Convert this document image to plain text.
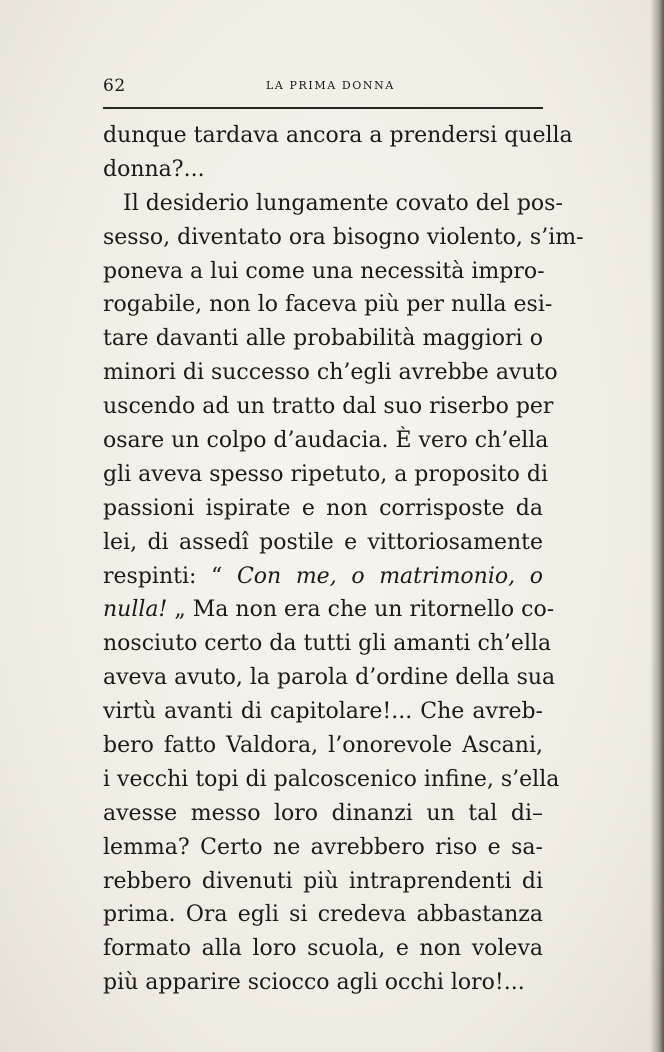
62	LA PRIMA DONNA
dunque tardava ancora a prendersi quella
donna?...
Il desiderio lungamente covato del pos-
sesso, diventato ora bisogno violento, s’im-
poneva a lui come una necessità impro-
rogabile, non lo faceva più per nulla esi-
tare davanti alle probabilità maggiori o
minori di successo ch’egli avrebbe avuto
uscendo ad un tratto dal suo riserbo per
osare un colpo d’audacia. È vero ch’ella
gli aveva spesso ripetuto, a proposito di
passioni ispirate e non corrisposte da
lei, di assedî postile e vittoriosamente
respinti: “ Con me, o matrimonio, o
nulla! „ Ma non era che un ritornello co-
nosciuto certo da tutti gli amanti ch’ella
aveva avuto, la parola d’ordine della sua
virtù avanti di capitolare!... Che avreb-
bero fatto Valdora, l’onorevole Ascani,
i vecchi topi di palcoscenico infine, s’ella
avesse messo loro dinanzi un tal di–
lemma? Certo ne avrebbero riso e sa-
rebbero divenuti più intraprendenti di
prima. Ora egli si credeva abbastanza
formato alla loro scuola, e non voleva
più apparire sciocco agli occhi loro!...
